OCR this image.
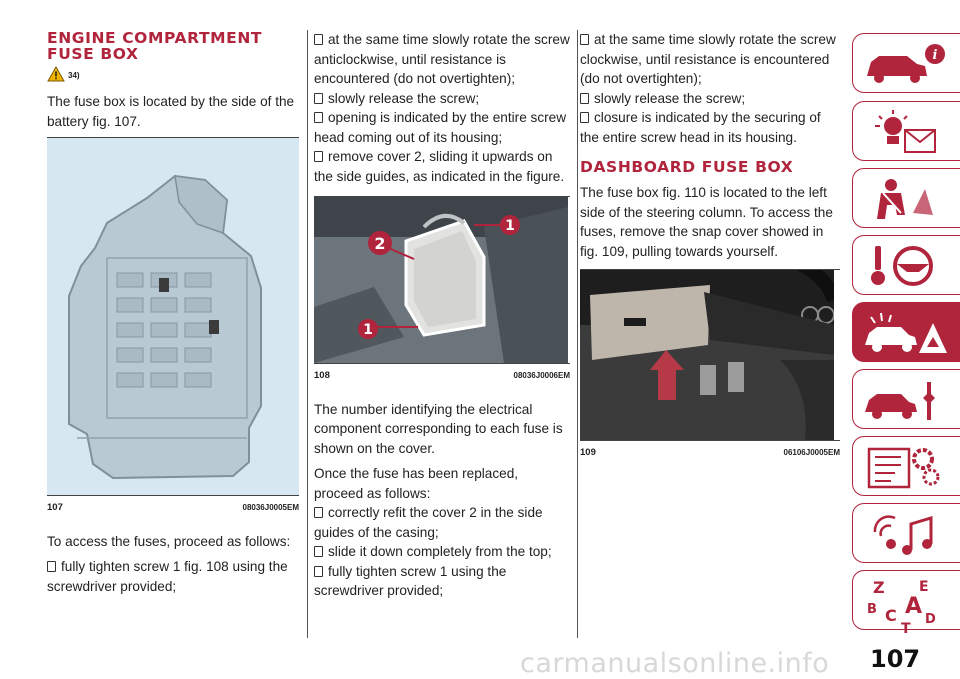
ENGINE COMPARTMENT
FUSE BOX
34)

The fuse box is located by the side of the battery fig. 107.

107	08036J0005EM

To access the fuses, proceed as follows:

fully tighten screw 1 fig. 108 using the screwdriver provided;

at the same time slowly rotate the screw anticlockwise, until resistance is encountered (do not overtighten);

slowly release the screw;

opening is indicated by the entire screw head coming out of its housing;

remove cover 2, sliding it upwards on the side guides, as indicated in the figure.

1
2
1
108	08036J0006EM

The number identifying the electrical component corresponding to each fuse is shown on the cover.

Once the fuse has been replaced, proceed as follows:

correctly refit the cover 2 in the side guides of the casing;

slide it down completely from the top;

fully tighten screw 1 using the screwdriver provided;

at the same time slowly rotate the screw clockwise, until resistance is encountered (do not overtighten);

slowly release the screw;

closure is indicated by the securing of the entire screw head in its housing.

DASHBOARD FUSE BOX

The fuse box fig. 110 is located to the left side of the steering column. To access the fuses, remove the snap cover showed in fig. 109, pulling towards yourself.

109	06106J0005EM
i
Z E
B A
C D
T
carmanualsonline.info 107
